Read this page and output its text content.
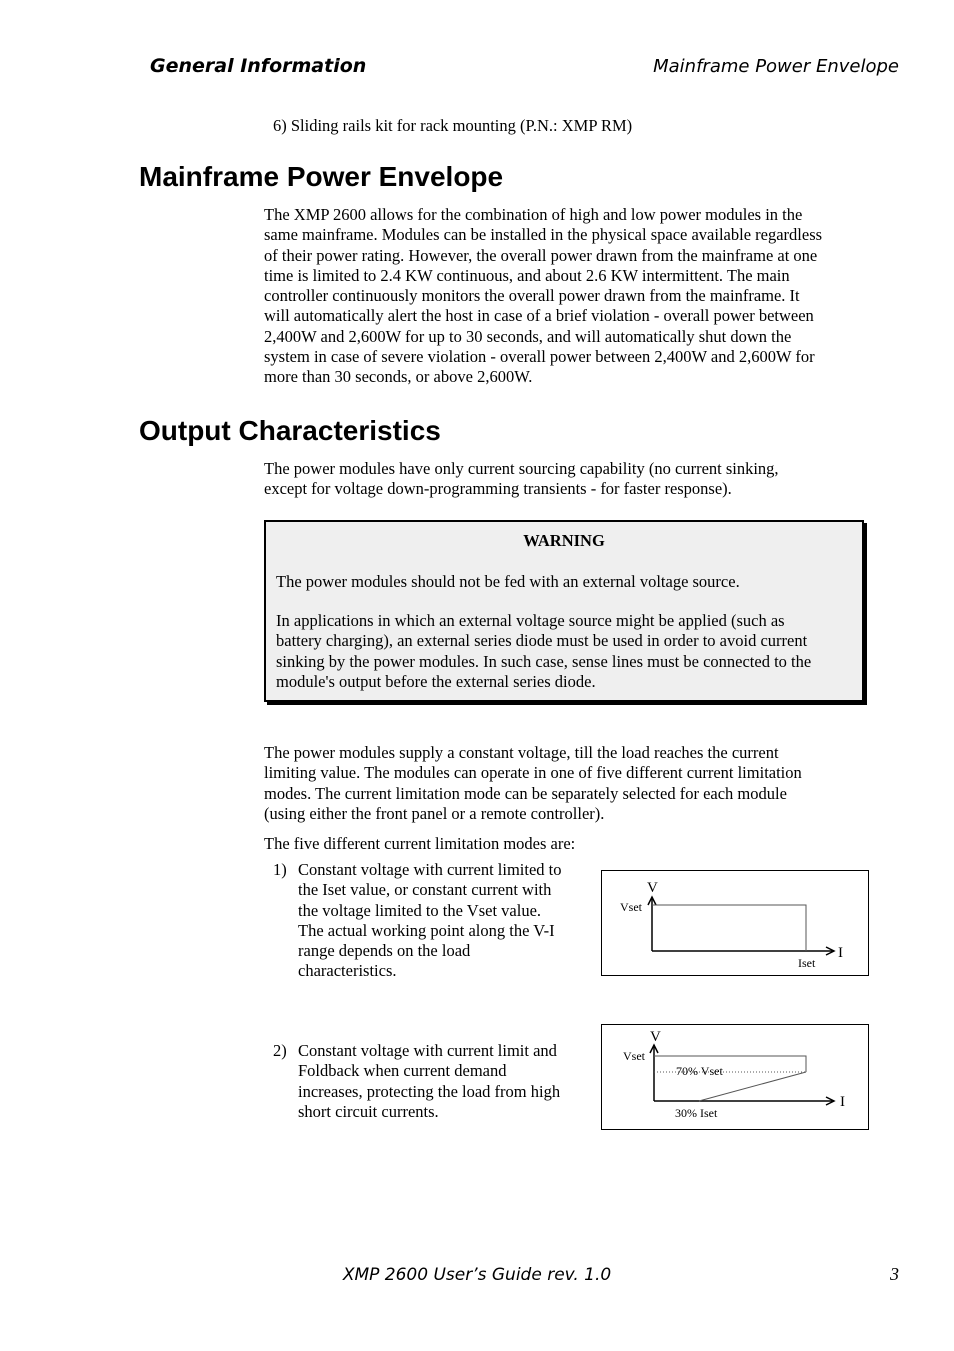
General Information	Mainframe Power Envelope
6) Sliding rails kit for rack mounting (P.N.: XMP RM)
Mainframe Power Envelope
The XMP 2600 allows for the combination of high and low power modules in the
same mainframe. Modules can be installed in the physical space available regardless
of their power rating. However, the overall power drawn from the mainframe at one
time is limited to 2.4 KW continuous, and about 2.6 KW intermittent. The main
controller continuously monitors the overall power drawn from the mainframe. It
will automatically alert the host in case of a brief violation - overall power between
2,400W and 2,600W for up to 30 seconds, and will automatically shut down the
system in case of severe violation - overall power between 2,400W and 2,600W for
more than 30 seconds, or above 2,600W.
Output Characteristics
The power modules have only current sourcing capability (no current sinking,
except for voltage down-programming transients - for faster response).
WARNING
The power modules should not be fed with an external voltage source.
In applications in which an external voltage source might be applied (such as
battery charging), an external series diode must be used in order to avoid current
sinking by the power modules. In such case, sense lines must be connected to the
module's output before the external series diode.
The power modules supply a constant voltage, till the load reaches the current
limiting value. The modules can operate in one of five different current limitation
modes. The current limitation mode can be separately selected for each module
(using either the front panel or a remote controller).
The five different current limitation modes are:
1) Constant voltage with current limited to
the Iset value, or constant current with
the voltage limited to the Vset value.
The actual working point along the V-I
range depends on the load
characteristics.
V
Vset
I
Iset
2) Constant voltage with current limit and
Foldback when current demand
increases, protecting the load from high
short circuit currents.
V
Vset
70% Vset
I
30% Iset
XMP 2600 User’s Guide rev. 1.0	3
